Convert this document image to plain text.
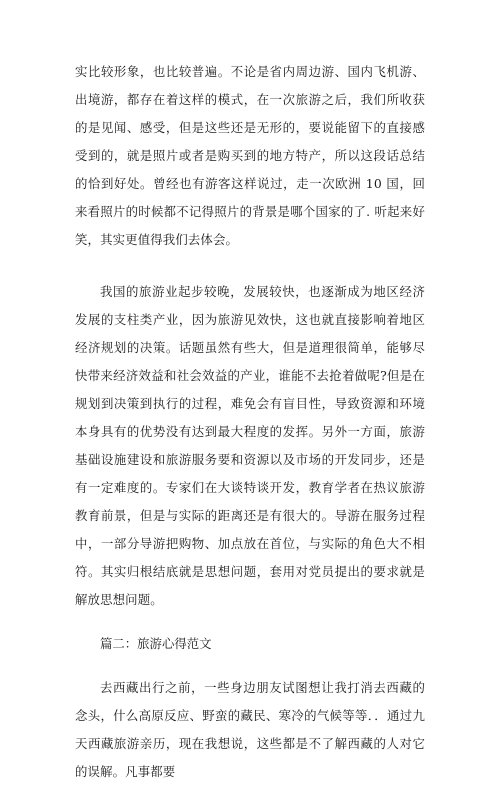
实比较形象，也比较普遍。不论是省内周边游、国内飞机游、出境游，都存在着这样的模式，在一次旅游之后，我们所收获的是见闻、感受，但是这些还是无形的，要说能留下的直接感受到的，就是照片或者是购买到的地方特产，所以这段话总结的恰到好处。曾经也有游客这样说过，走一次欧洲 10 国，回来看照片的时候都不记得照片的背景是哪个国家的了. 听起来好笑，其实更值得我们去体会。

我国的旅游业起步较晚，发展较快，也逐渐成为地区经济发展的支柱类产业，因为旅游见效快，这也就直接影响着地区经济规划的决策。话题虽然有些大，但是道理很简单，能够尽快带来经济效益和社会效益的产业，谁能不去抢着做呢?但是在规划到决策到执行的过程，难免会有盲目性，导致资源和环境本身具有的优势没有达到最大程度的发挥。另外一方面，旅游基础设施建设和旅游服务要和资源以及市场的开发同步，还是有一定难度的。专家们在大谈特谈开发，教育学者在热议旅游教育前景，但是与实际的距离还是有很大的。导游在服务过程中，一部分导游把购物、加点放在首位，与实际的角色大不相符。其实归根结底就是思想问题，套用对党员提出的要求就是解放思想问题。

篇二：旅游心得范文

去西藏出行之前，一些身边朋友试图想让我打消去西藏的念头，什么高原反应、野蛮的藏民、寒冷的气候等等．．通过九天西藏旅游亲历，现在我想说，这些都是不了解西藏的人对它的误解。凡事都要
